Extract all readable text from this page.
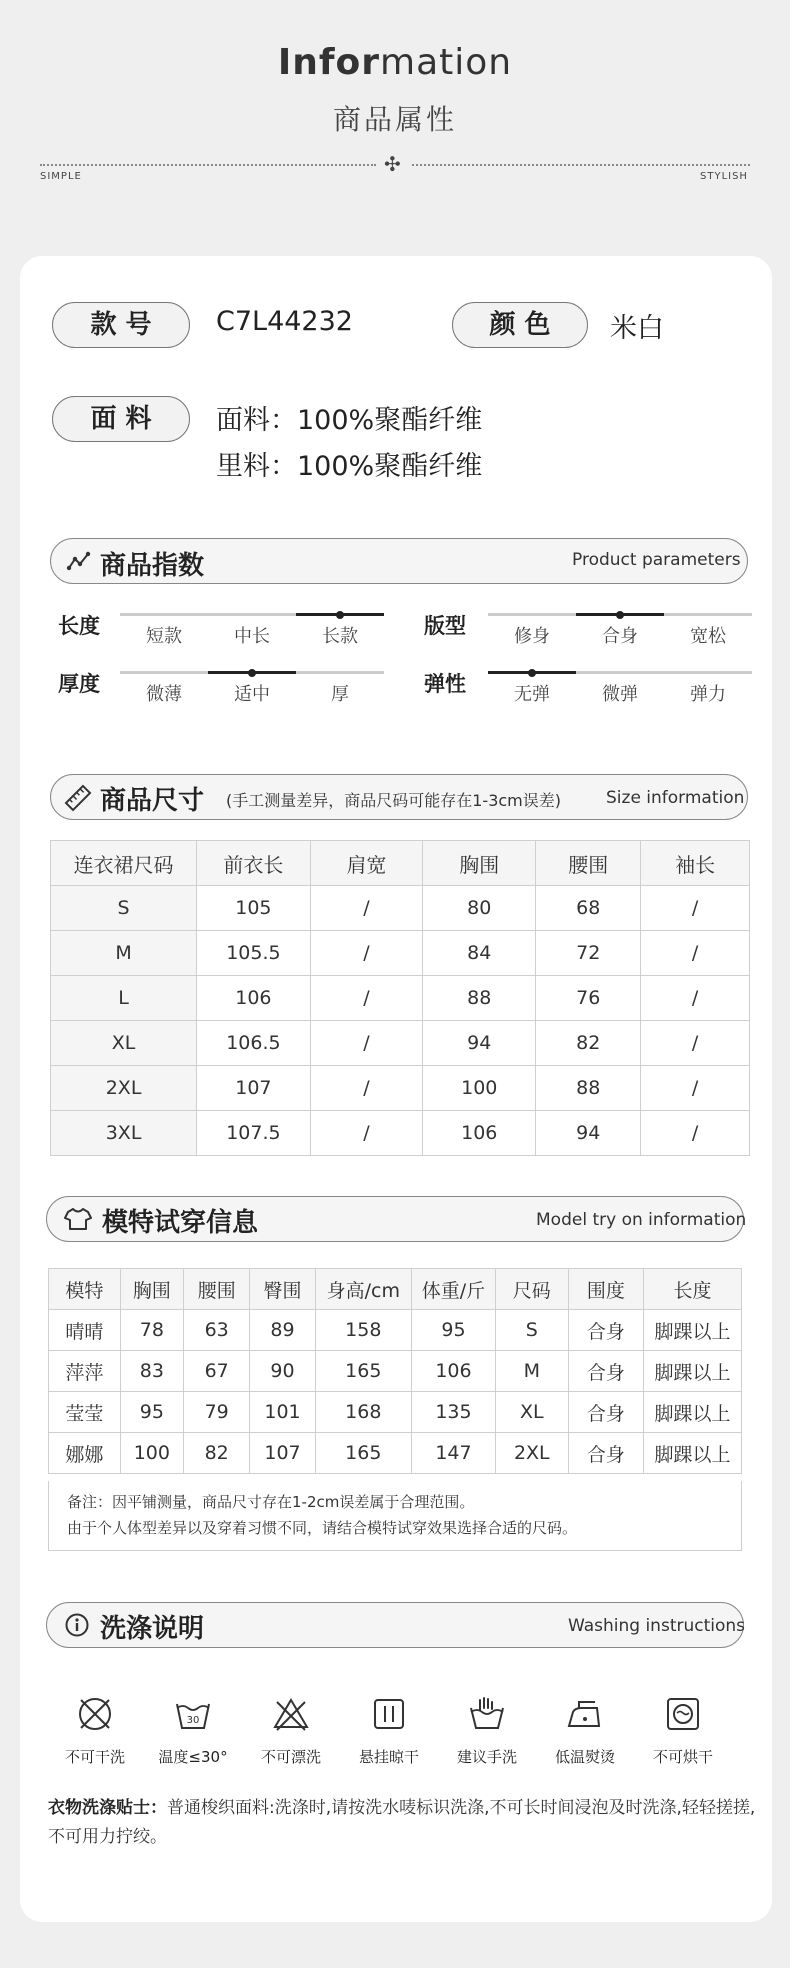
Information
商品属性
✣
SIMPLE	STYLISH
款 号	C7L44232	颜 色	米白
面 料	面料：100%聚酯纤维
里料：100%聚酯纤维
商品指数	Product parameters
长度	短款	中长	长款	版型	修身	合身	宽松
厚度	微薄	适中	厚	弹性	无弹	微弹	弹力
商品尺寸 (手工测量差异，商品尺码可能存在1-3cm误差)	Size information
连衣裙尺码	前衣长	肩宽	胸围	腰围	袖长
S	105	/	80	68	/
M	105.5	/	84	72	/
L	106	/	88	76	/
XL	106.5	/	94	82	/
2XL	107	/	100	88	/
3XL	107.5	/	106	94	/
模特试穿信息	Model try on information
模特	胸围	腰围	臀围	身高/cm	体重/斤	尺码	围度	长度
晴晴	78	63	89	158	95	S	合身	脚踝以上
萍萍	83	67	90	165	106	M	合身	脚踝以上
莹莹	95	79	101	168	135	XL	合身	脚踝以上
娜娜	100	82	107	165	147	2XL	合身	脚踝以上
备注：因平铺测量，商品尺寸存在1-2cm误差属于合理范围。
由于个人体型差异以及穿着习惯不同，请结合模特试穿效果选择合适的尺码。
洗涤说明	Washing instructions
不可干洗
30
温度≤30°	不可漂洗	悬挂晾干	建议手洗	低温熨烫	不可烘干
衣物洗涤贴士：普通梭织面料:洗涤时,请按洗水唛标识洗涤,不可长时间浸泡及时洗涤,轻轻搓搓,不可用力拧绞。
